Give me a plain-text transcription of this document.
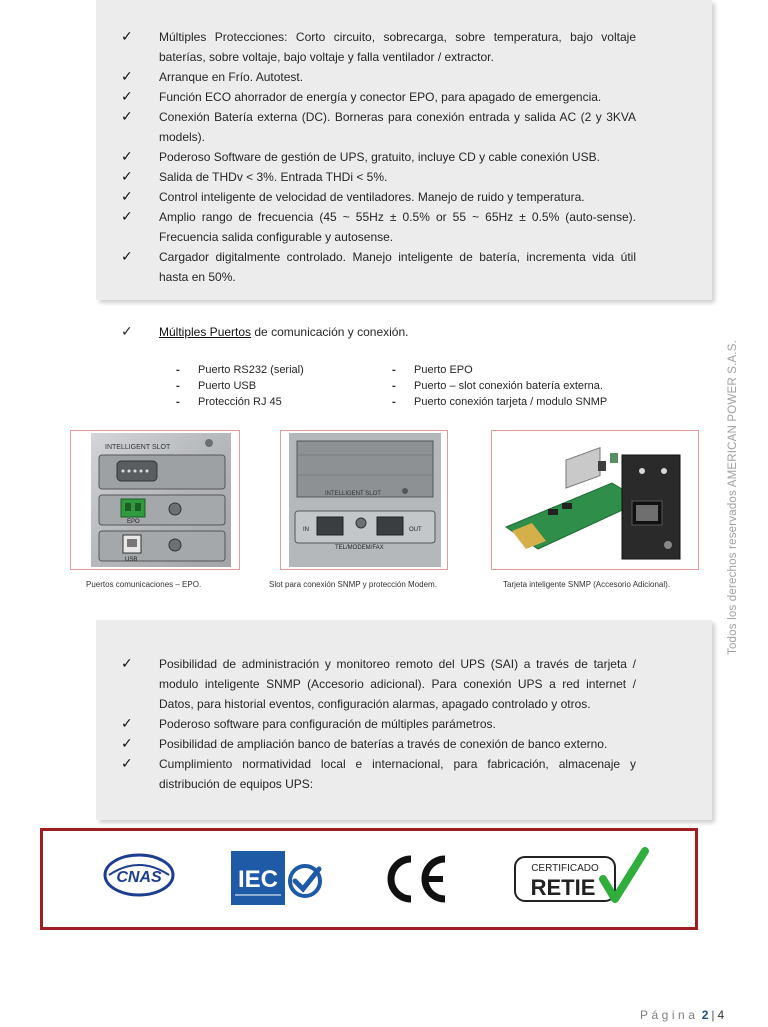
✓	Múltiples Protecciones: Corto circuito, sobrecarga, sobre temperatura, bajo voltaje baterías, sobre voltaje, bajo voltaje y falla ventilador / extractor.
✓	Arranque en Frío. Autotest.
✓	Función ECO ahorrador de energía y conector EPO, para apagado de emergencia.
✓	Conexión Batería externa (DC). Borneras para conexión entrada y salida AC (2 y 3KVA models).
✓	Poderoso Software de gestión de UPS, gratuito, incluye CD y cable conexión USB.
✓	Salida de THDv < 3%. Entrada THDi < 5%.
✓	Control inteligente de velocidad de ventiladores. Manejo de ruido y temperatura.
✓	Amplio rango de frecuencia (45 ~ 55Hz ± 0.5% or 55 ~ 65Hz ± 0.5% (auto-sense). Frecuencia salida configurable y autosense.
✓	Cargador digitalmente controlado. Manejo inteligente de batería, incrementa vida útil hasta en 50%.
✓ Múltiples Puertos de comunicación y conexión.
- Puerto RS232 (serial)
- Puerto USB
- Protección RJ 45
- Puerto EPO
- Puerto – slot conexión batería externa.
- Puerto conexión tarjeta / modulo SNMP
INTELLIGENT SLOT
EPO
USB
INTELLIGENT SLOT
IN	OUT
TEL/MODEM/FAX
Puertos comunicaciones – EPO.	Slot para conexión SNMP y protección Modem.	Tarjeta inteligente SNMP (Accesorio Adicional).
✓	Posibilidad de administración y monitoreo remoto del UPS (SAI) a través de tarjeta / modulo inteligente SNMP (Accesorio adicional). Para conexión UPS a red internet / Datos, para historial eventos, configuración alarmas, apagado controlado y otros.
✓	Poderoso software para configuración de múltiples parámetros.
✓	Posibilidad de ampliación banco de baterías a través de conexión de banco externo.
✓	Cumplimiento normatividad local e internacional, para fabricación, almacenaje y distribución de equipos UPS:
Todos los derechos reservados AMERICAN POWER S.A.S.
CNAS	IEC	CERTIFICADO
RETIE
Página 2 | 4
